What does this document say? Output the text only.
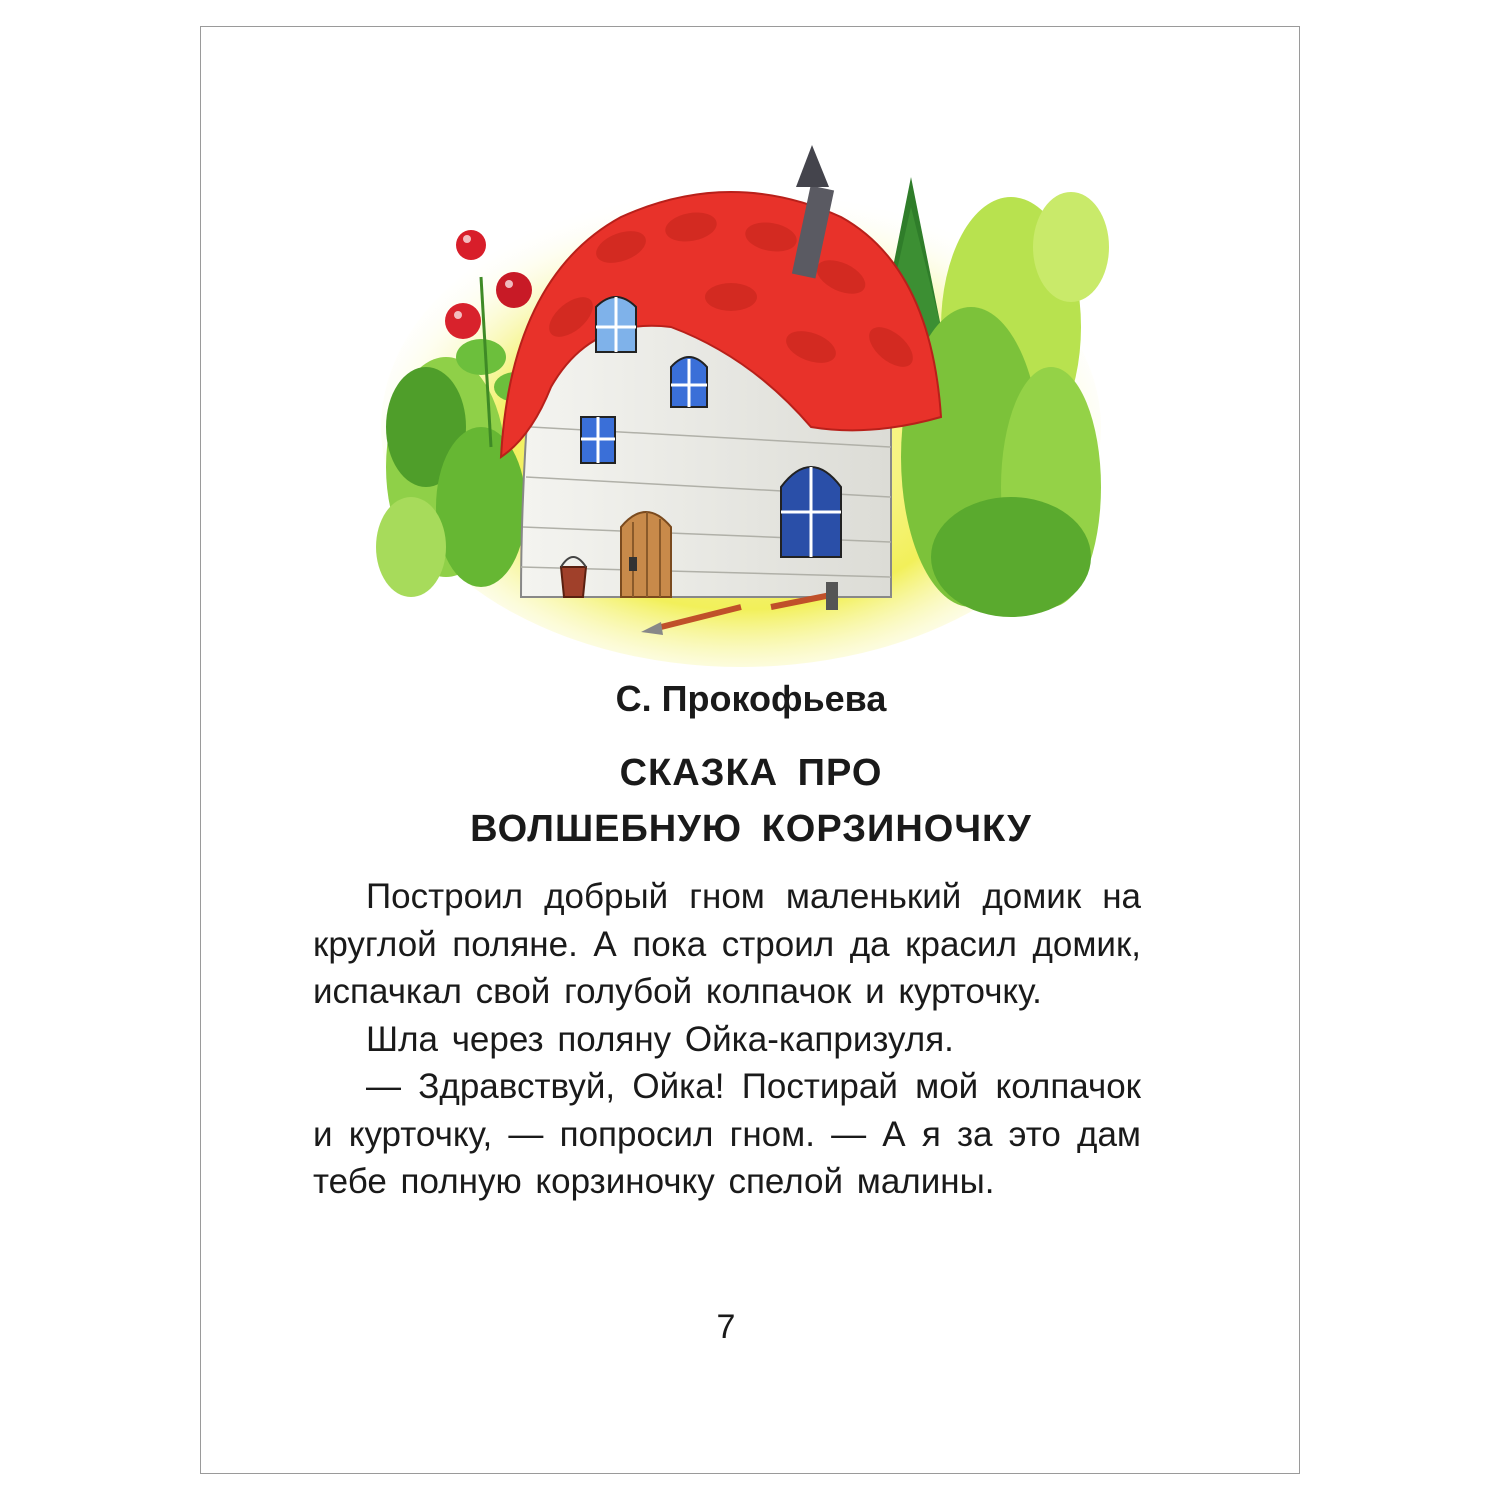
С. Прокофьева
СКАЗКА ПРО
ВОЛШЕБНУЮ КОРЗИНОЧКУ

Построил добрый гном маленький домик на круглой поляне. А пока строил да красил домик, испачкал свой голубой колпачок и курточку.

Шла через поляну Ойка-капризуля.

— Здравствуй, Ойка! Постирай мой колпачок и курточку, — попросил гном. — А я за это дам тебе полную корзиночку спелой малины.

7
